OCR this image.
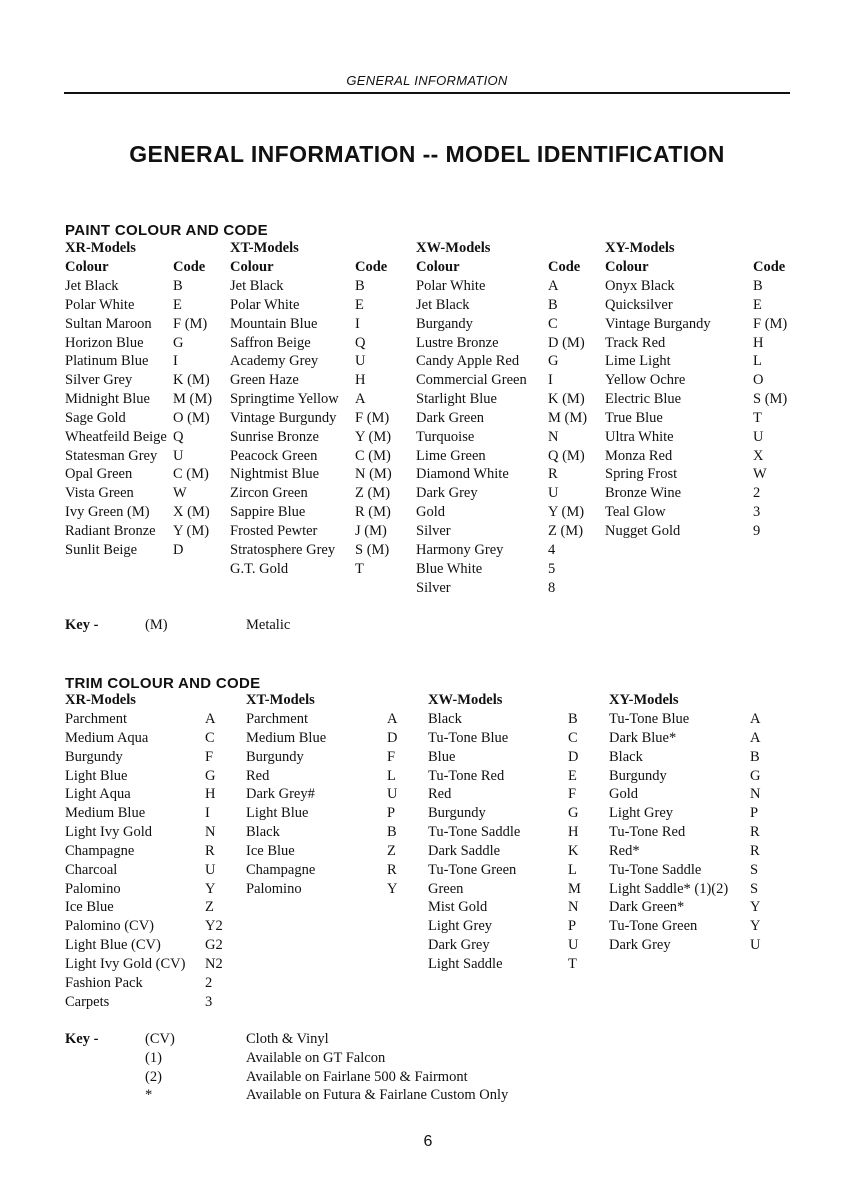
GENERAL INFORMATION
GENERAL INFORMATION -- MODEL IDENTIFICATION
PAINT COLOUR AND CODE
XR-Models
Colour	Code
Jet Black	B
Polar White	E
Sultan Maroon F (M)
Horizon Blue G
Platinum Blue I
Silver Grey	K (M)
Midnight Blue M (M)
Sage Gold	O (M)
Wheatfeild Beige Q
Statesman Grey U
Opal Green	C (M)
Vista Green	W
Ivy Green (M) X (M)
Radiant Bronze Y (M)
Sunlit Beige D
XT-Models
Colour	Code
Jet Black	B
Polar White	E
Mountain Blue	I
Saffron Beige	Q
Academy Grey	U
Green Haze	H
Springtime Yellow A
Vintage Burgundy F (M)
Sunrise Bronze Y (M)
Peacock Green	C (M)
Nightmist Blue N (M)
Zircon Green	Z (M)
Sappire Blue	R (M)
Frosted Pewter	J (M)
Stratosphere Grey S (M)
G.T. Gold	T
XW-Models
Colour	Code
Polar White	A
Jet Black	B
Burgandy	C
Lustre Bronze	D (M)
Candy Apple Red G
Commercial Green I
Starlight Blue	K (M)
Dark Green	M (M)
Turquoise	N
Lime Green	Q (M)
Diamond White	R
Dark Grey	U
Gold	Y (M)
Silver	Z (M)
Harmony Grey	4
Blue White	5
Silver	8
XY-Models
Colour	Code
Onyx Black	B
Quicksilver	E
Vintage Burgandy	F (M)
Track Red	H
Lime Light	L
Yellow Ochre	O
Electric Blue	S (M)
True Blue	T
Ultra White	U
Monza Red	X
Spring Frost	W
Bronze Wine	2
Teal Glow	3
Nugget Gold	9
Key -	(M)	Metalic
TRIM COLOUR AND CODE
XR-Models
Parchment	A
Medium Aqua	C
Burgundy	F
Light Blue	G
Light Aqua	H
Medium Blue	I
Light Ivy Gold	N
Champagne	R
Charcoal	U
Palomino	Y
Ice Blue	Z
Palomino (CV)	Y2
Light Blue (CV)	G2
Light Ivy Gold (CV) N2
Fashion Pack	2
Carpets	3
XT-Models
Parchment	A
Medium Blue	D
Burgundy	F
Red	L
Dark Grey#	U
Light Blue	P
Black	B
Ice Blue	Z
Champagne	R
Palomino	Y
XW-Models
Black	B
Tu-Tone Blue	C
Blue	D
Tu-Tone Red	E
Red	F
Burgundy	G
Tu-Tone Saddle	H
Dark Saddle	K
Tu-Tone Green	L
Green	M
Mist Gold	N
Light Grey	P
Dark Grey	U
Light Saddle	T
XY-Models
Tu-Tone Blue	A
Dark Blue*	A
Black	B
Burgundy	G
Gold	N
Light Grey	P
Tu-Tone Red	R
Red*	R
Tu-Tone Saddle	S
Light Saddle* (1)(2) S
Dark Green*	Y
Tu-Tone Green	Y
Dark Grey	U
Key -	(CV)	Cloth & Vinyl
(1)	Available on GT Falcon
(2)	Available on Fairlane 500 & Fairmont
*	Available on Futura & Fairlane Custom Only
6
